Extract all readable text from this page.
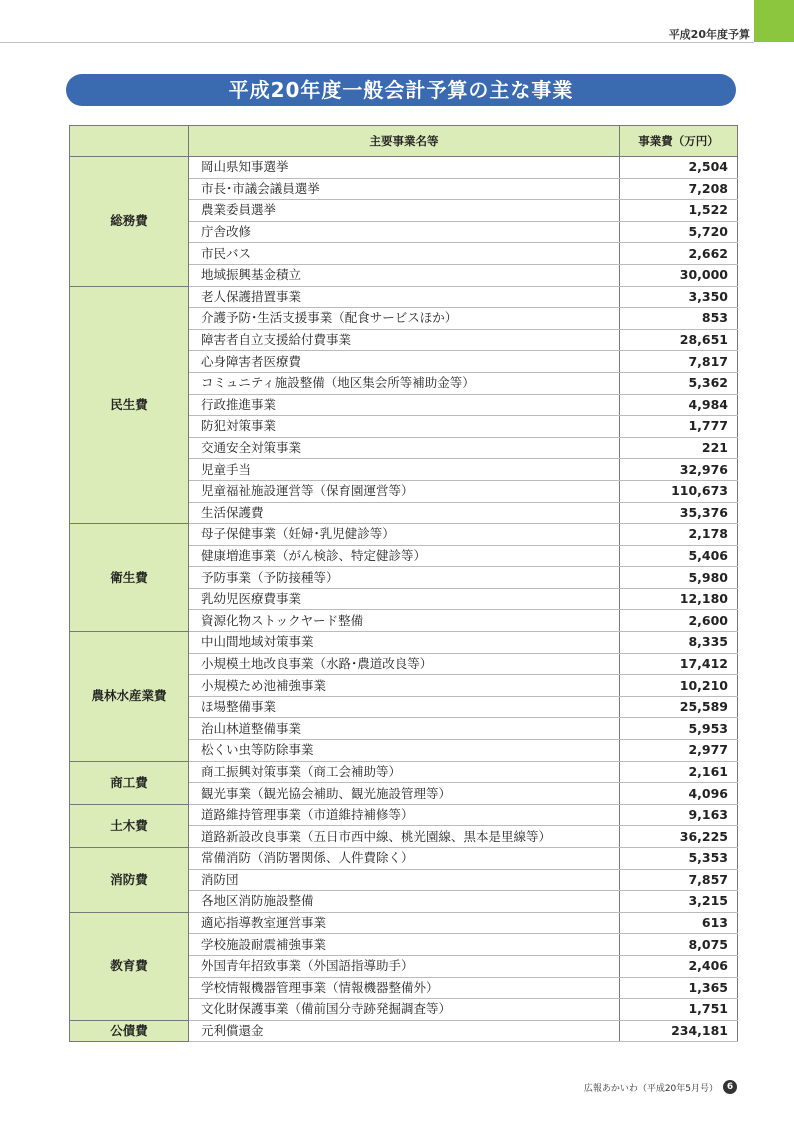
平成20年度予算
平成20年度一般会計予算の主な事業
	主要事業名等	事業費（万円）
総務費	岡山県知事選挙	2,504
	市長･市議会議員選挙	7,208
	農業委員選挙	1,522
	庁舎改修	5,720
	市民バス	2,662
	地域振興基金積立	30,000
民生費	老人保護措置事業	3,350
	介護予防･生活支援事業（配食サービスほか）	853
	障害者自立支援給付費事業	28,651
	心身障害者医療費	7,817
	コミュニティ施設整備（地区集会所等補助金等）	5,362
	行政推進事業	4,984
	防犯対策事業	1,777
	交通安全対策事業	221
	児童手当	32,976
	児童福祉施設運営等（保育園運営等）	110,673
	生活保護費	35,376
衛生費	母子保健事業（妊婦･乳児健診等）	2,178
	健康増進事業（がん検診、特定健診等）	5,406
	予防事業（予防接種等）	5,980
	乳幼児医療費事業	12,180
	資源化物ストックヤード整備	2,600
農林水産業費	中山間地域対策事業	8,335
	小規模土地改良事業（水路･農道改良等）	17,412
	小規模ため池補強事業	10,210
	ほ場整備事業	25,589
	治山林道整備事業	5,953
	松くい虫等防除事業	2,977
商工費	商工振興対策事業（商工会補助等）	2,161
	観光事業（観光協会補助、観光施設管理等）	4,096
土木費	道路維持管理事業（市道維持補修等）	9,163
	道路新設改良事業（五日市西中線、桃光園線、黒本是里線等）	36,225
消防費	常備消防（消防署関係、人件費除く）	5,353
	消防団	7,857
	各地区消防施設整備	3,215
教育費	適応指導教室運営事業	613
	学校施設耐震補強事業	8,075
	外国青年招致事業（外国語指導助手）	2,406
	学校情報機器管理事業（情報機器整備外）	1,365
	文化財保護事業（備前国分寺跡発掘調査等）	1,751
公債費	元利償還金	234,181
広報あかいわ（平成20年5月号） 6
